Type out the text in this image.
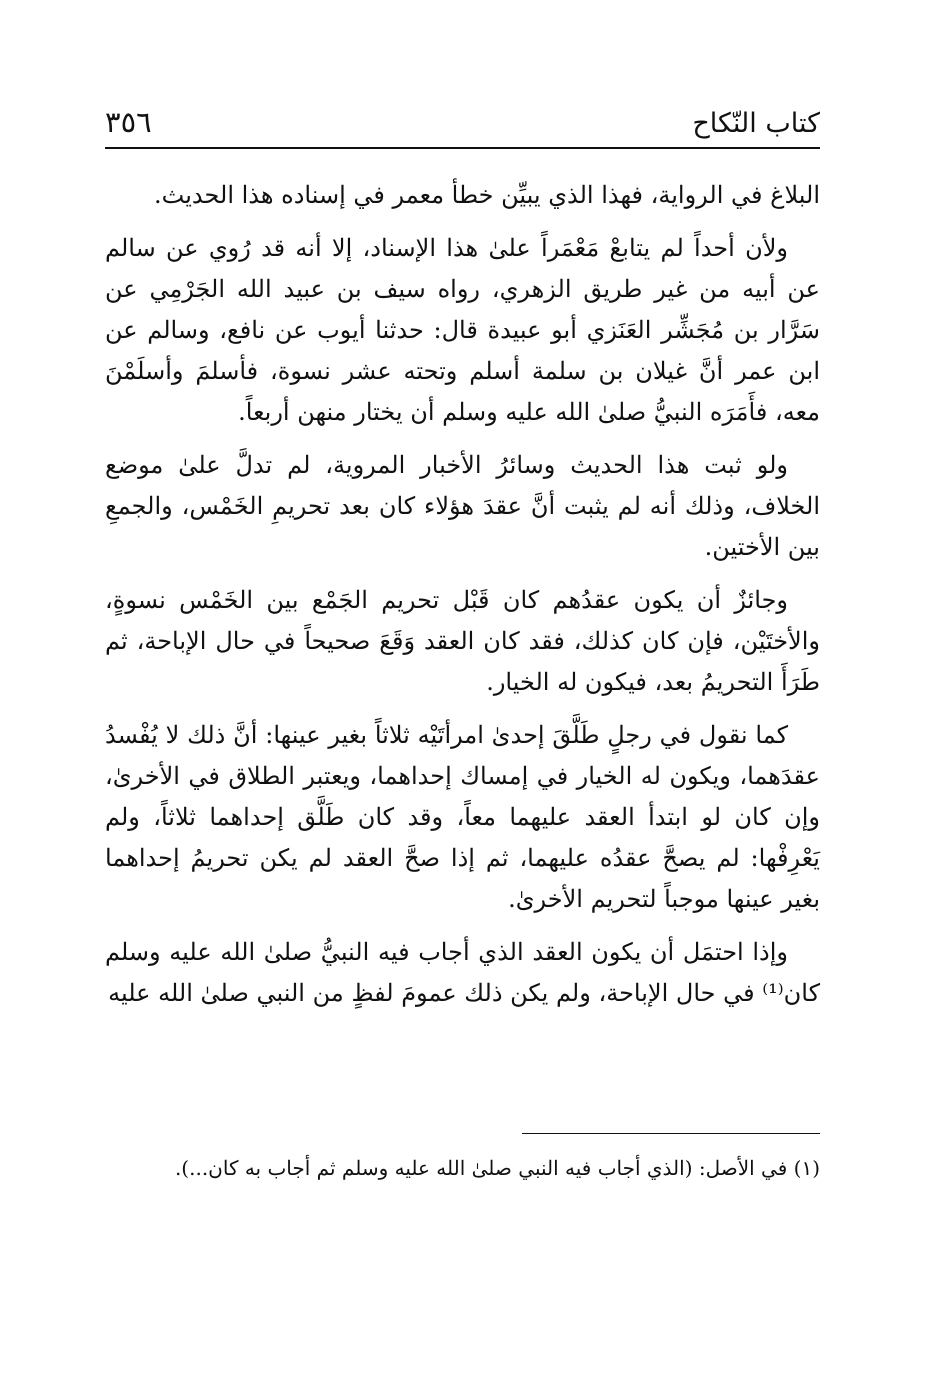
كتاب النّكاح
٣٥٦

البلاغ في الرواية، فهذا الذي يبيِّن خطأ معمر في إسناده هذا الحديث.

ولأن أحداً لم يتابعْ مَعْمَراً علىٰ هذا الإسناد، إلا أنه قد رُوي عن سالم عن أبيه من غير طريق الزهري، رواه سيف بن عبيد الله الجَرْمِي عن سَرَّار بن مُجَشِّر العَنَزي أبو عبيدة قال: حدثنا أيوب عن نافع، وسالم عن ابن عمر أنَّ غيلان بن سلمة أسلم وتحته عشر نسوة، فأسلمَ وأسلَمْنَ معه، فأَمَرَه النبيُّ صلىٰ الله عليه وسلم أن يختار منهن أربعاً.

ولو ثبت هذا الحديث وسائرُ الأخبار المروية، لم تدلَّ علىٰ موضع الخلاف، وذلك أنه لم يثبت أنَّ عقدَ هؤلاء كان بعد تحريمِ الخَمْس، والجمعِ بين الأختين.

وجائزٌ أن يكون عقدُهم كان قَبْل تحريم الجَمْع بين الخَمْس نسوةٍ، والأختَيْن، فإن كان كذلك، فقد كان العقد وَقَعَ صحيحاً في حال الإباحة، ثم طَرَأَ التحريمُ بعد، فيكون له الخيار.

كما نقول في رجلٍ طَلَّقَ إحدىٰ امرأتَيْه ثلاثاً بغير عينها: أنَّ ذلك لا يُفْسدُ عقدَهما، ويكون له الخيار في إمساك إحداهما، ويعتبر الطلاق في الأخرىٰ، وإن كان لو ابتدأ العقد عليهما معاً، وقد كان طَلَّق إحداهما ثلاثاً، ولم يَعْرِفْها: لم يصحَّ عقدُه عليهما، ثم إذا صحَّ العقد لم يكن تحريمُ إحداهما بغير عينها موجباً لتحريم الأخرىٰ.

وإذا احتمَل أن يكون العقد الذي أجاب فيه النبيُّ صلىٰ الله عليه وسلم كان⁽¹⁾ في حال الإباحة، ولم يكن ذلك عمومَ لفظٍ من النبي صلىٰ الله عليه

(١) في الأصل: (الذي أجاب فيه النبي صلىٰ الله عليه وسلم ثم أجاب به كان...).
